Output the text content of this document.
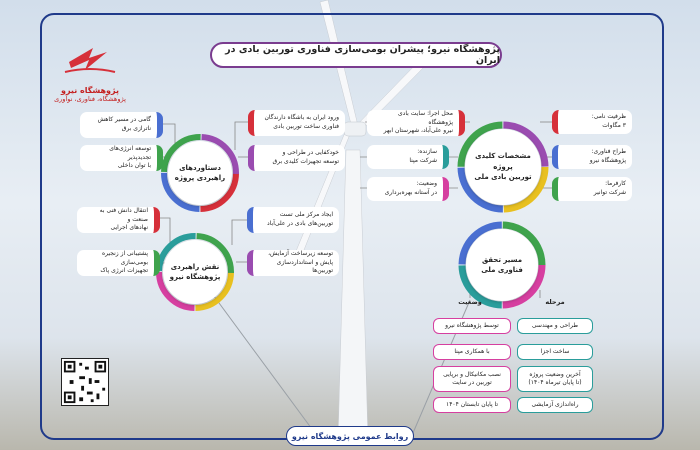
پژوهشگاه نیرو
پژوهشگاه، فناوری، نوآوری
پژوهشگاه نیرو؛ پیشران بومی‌سازی فناوری توربین بادی در ایران
دستاوردهای
راهبردی پروژه
گامی در مسیر کاهش
ناترازی برق
توسعه انرژی‌های تجدیدپذیر
با توان داخلی
ورود ایران به باشگاه دارندگان
فناوری ساخت توربین بادی
خودکفایی در طراحی و
توسعه تجهیزات کلیدی برق
نقش راهبردی
پژوهشگاه نیرو
انتقال دانش فنی به صنعت و
نهادهای اجرایی
پشتیبانی از زنجیره بومی‌سازی
تجهیزات انرژی پاک
ایجاد مرکز ملی تست
توربین‌های بادی در علی‌آباد
توسعه زیرساخت آزمایش،
پایش و استانداردسازی توربین‌ها
مشخصات کلیدی
پروژه
توربین بادی ملی
محل اجرا: سایت بادی پژوهشگاه
نیرو علی‌آباد، شهرستان ابهر
سازنده:
شرکت مپنا
وضعیت:
در آستانه بهره‌برداری
ظرفیت نامی:
۳ مگاوات
طراح فناوری:
پژوهشگاه نیرو
کارفرما:
شرکت توانیر
مسیر تحقق
فناوری ملی
مرحله
وضعیت
طراحی و مهندسی
ساخت اجزا
آخرین وضعیت پروژه
(تا پایان تیرماه ۱۴۰۴)
راه‌اندازی آزمایشی
توسط پژوهشگاه نیرو
با همکاری مپنا
نصب مکانیکال و برپایی
توربین در سایت
تا پایان تابستان ۱۴۰۴
روابط عمومی پژوهشگاه نیرو
